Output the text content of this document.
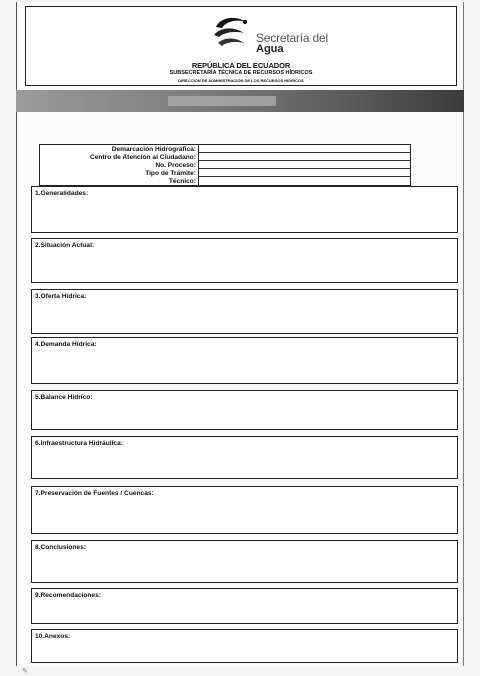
Secretaría del
Agua
REPÚBLICA DEL ECUADOR
SUBSECRETARÍA TÉCNICA DE RECURSOS HÍDRICOS
DIRECCIÓN DE ADMINISTRACIÓN DE LOS RECURSOS HÍDRICOS
Demarcación Hidrográfica:
Centro de Atención al Ciudadano:
No. Proceso:
Tipo de Trámite:
Técnico:
1.Generalidades:
2.Situación Actual:
3.Oferta Hídrica:
4.Demanda Hídrica:
5.Balance Hídrico:
6.Infraestructura Hidráulica:
7.Preservación de Fuentes / Cuencas:
8.Conclusiones:
9.Recomendaciones:
10.Anexos:
✎
